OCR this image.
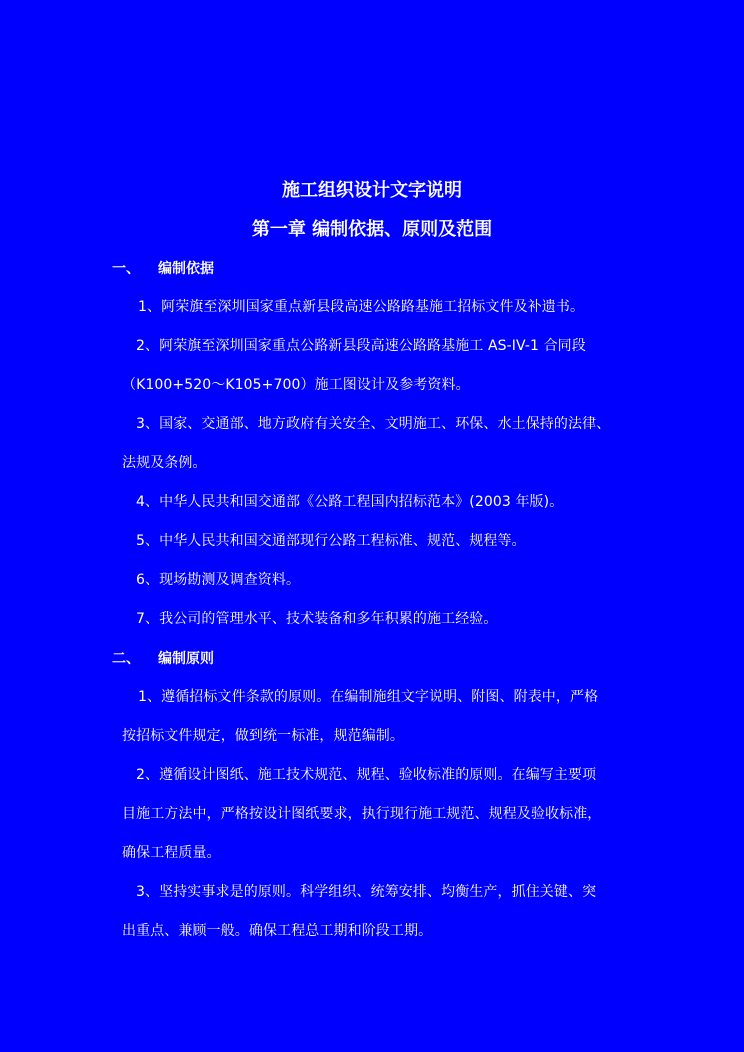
施工组织设计文字说明
第一章 编制依据、原则及范围
一、 编制依据
1、阿荣旗至深圳国家重点新县段高速公路路基施工招标文件及补遗书。
2、阿荣旗至深圳国家重点公路新县段高速公路路基施工 AS-IV-1 合同段
（K100+520～K105+700）施工图设计及参考资料。
3、国家、交通部、地方政府有关安全、文明施工、环保、水土保持的法律、
法规及条例。
4、中华人民共和国交通部《公路工程国内招标范本》(2003 年版)。
5、中华人民共和国交通部现行公路工程标准、规范、规程等。
6、现场勘测及调查资料。
7、我公司的管理水平、技术装备和多年积累的施工经验。
二、 编制原则
1、遵循招标文件条款的原则。在编制施组文字说明、附图、附表中，严格
按招标文件规定，做到统一标准，规范编制。
2、遵循设计图纸、施工技术规范、规程、验收标准的原则。在编写主要项
目施工方法中，严格按设计图纸要求，执行现行施工规范、规程及验收标准，
确保工程质量。
3、坚持实事求是的原则。科学组织、统筹安排、均衡生产，抓住关键、突
出重点、兼顾一般。确保工程总工期和阶段工期。
